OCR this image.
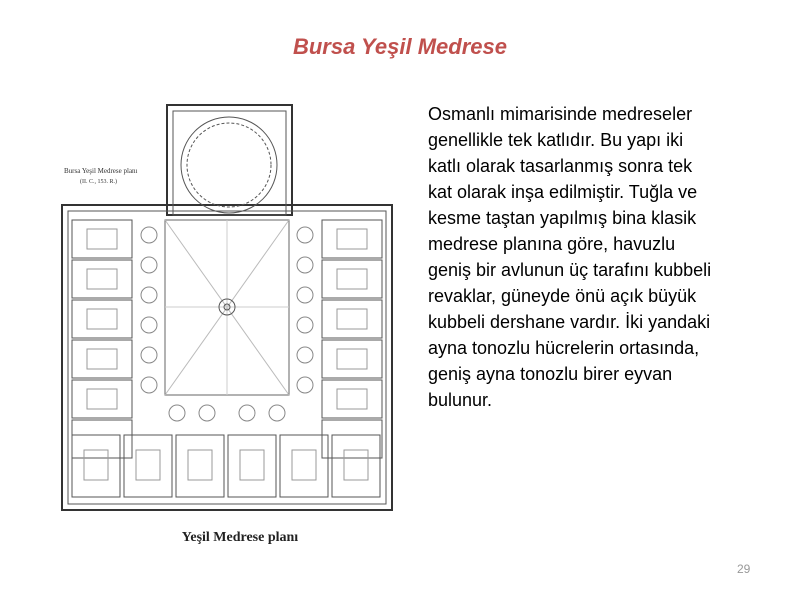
Bursa Yeşil Medrese
Bursa Yeşil Medrese planı
(II. C., 153. R.)
Yeşil Medrese planı
Osmanlı mimarisinde medreseler
genellikle tek katlıdır. Bu yapı iki
katlı olarak tasarlanmış sonra tek
kat olarak inşa edilmiştir. Tuğla ve
kesme taştan yapılmış bina klasik
medrese planına göre, havuzlu
geniş bir avlunun üç tarafını kubbeli
revaklar, güneyde önü açık büyük
kubbeli dershane vardır. İki yandaki
ayna tonozlu hücrelerin ortasında,
geniş ayna tonozlu birer eyvan
bulunur.
29
